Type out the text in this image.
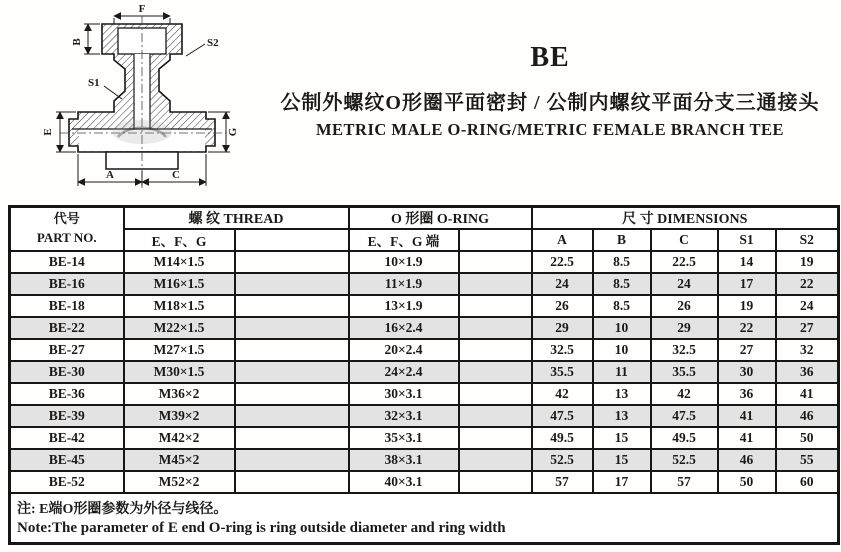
F
B	S2
S1
E	G
A	C
BE
公制外螺纹O形圈平面密封 / 公制内螺纹平面分支三通接头
METRIC MALE O-RING/METRIC FEMALE BRANCH TEE
代号
PART NO.	螺 纹 THREAD		O 形圈 O-RING		尺 寸 DIMENSIONS				
	E、F、G		E、F、G 端		A	B	C	S1	S2
BE-14	M14×1.5		10×1.9		22.5	8.5	22.5	14	19
BE-16	M16×1.5		11×1.9		24	8.5	24	17	22
BE-18	M18×1.5		13×1.9		26	8.5	26	19	24
BE-22	M22×1.5		16×2.4		29	10	29	22	27
BE-27	M27×1.5		20×2.4		32.5	10	32.5	27	32
BE-30	M30×1.5		24×2.4		35.5	11	35.5	30	36
BE-36	M36×2		30×3.1		42	13	42	36	41
BE-39	M39×2		32×3.1		47.5	13	47.5	41	46
BE-42	M42×2		35×3.1		49.5	15	49.5	41	50
BE-45	M45×2		38×3.1		52.5	15	52.5	46	55
BE-52	M52×2		40×3.1		57	17	57	50	60

注: E端O形圈参数为外径与线径。
Note:The parameter of E end O-ring is ring outside diameter and ring width									
